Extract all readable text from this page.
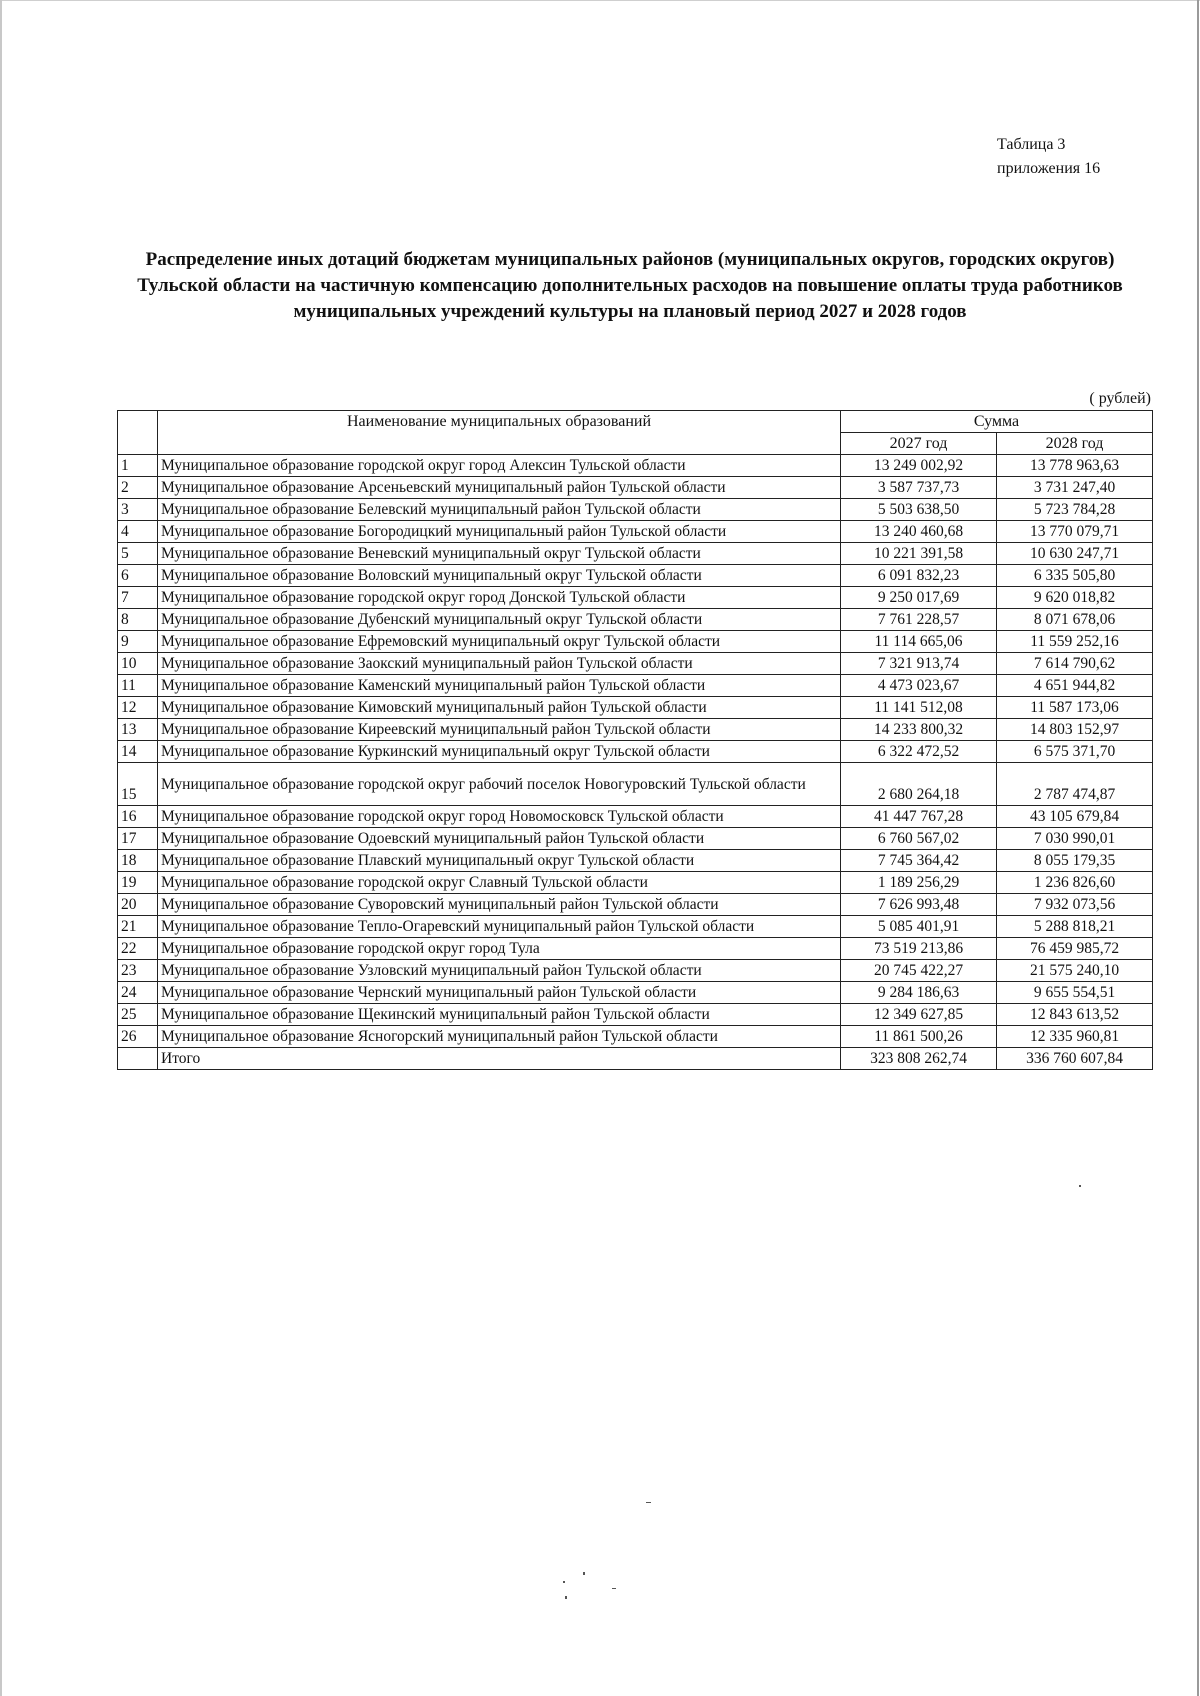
Таблица 3
приложения 16
Распределение иных дотаций бюджетам муниципальных районов (муниципальных округов, городских округов)
Тульской области на частичную компенсацию дополнительных расходов на повышение оплаты труда работников
муниципальных учреждений культуры на плановый период 2027 и 2028 годов
( рублей)
	Наименование муниципальных образований	Сумма	
		2027 год	2028 год
1	Муниципальное образование городской округ город Алексин Тульской области	13 249 002,92	13 778 963,63
2	Муниципальное образование Арсеньевский муниципальный район Тульской области	3 587 737,73	3 731 247,40
3	Муниципальное образование Белевский муниципальный район Тульской области	5 503 638,50	5 723 784,28
4	Муниципальное образование Богородицкий муниципальный район Тульской области	13 240 460,68	13 770 079,71
5	Муниципальное образование Веневский муниципальный округ Тульской области	10 221 391,58	10 630 247,71
6	Муниципальное образование Воловский муниципальный округ Тульской области	6 091 832,23	6 335 505,80
7	Муниципальное образование городской округ город Донской Тульской области	9 250 017,69	9 620 018,82
8	Муниципальное образование Дубенский муниципальный округ Тульской области	7 761 228,57	8 071 678,06
9	Муниципальное образование Ефремовский муниципальный округ Тульской области	11 114 665,06	11 559 252,16
10	Муниципальное образование Заокский муниципальный район Тульской области	7 321 913,74	7 614 790,62
11	Муниципальное образование Каменский муниципальный район Тульской области	4 473 023,67	4 651 944,82
12	Муниципальное образование Кимовский муниципальный район Тульской области	11 141 512,08	11 587 173,06
13	Муниципальное образование Киреевский муниципальный район Тульской области	14 233 800,32	14 803 152,97
14	Муниципальное образование Куркинский муниципальный округ Тульской области	6 322 472,52	6 575 371,70
15	Муниципальное образование городской округ рабочий поселок Новогуровский Тульской области	2 680 264,18	2 787 474,87
16	Муниципальное образование городской округ город Новомосковск Тульской области	41 447 767,28	43 105 679,84
17	Муниципальное образование Одоевский муниципальный район Тульской области	6 760 567,02	7 030 990,01
18	Муниципальное образование Плавский муниципальный округ Тульской области	7 745 364,42	8 055 179,35
19	Муниципальное образование городской округ Славный Тульской области	1 189 256,29	1 236 826,60
20	Муниципальное образование Суворовский муниципальный район Тульской области	7 626 993,48	7 932 073,56
21	Муниципальное образование Тепло-Огаревский муниципальный район Тульской области	5 085 401,91	5 288 818,21
22	Муниципальное образование городской округ город Тула	73 519 213,86	76 459 985,72
23	Муниципальное образование Узловский муниципальный район Тульской области	20 745 422,27	21 575 240,10
24	Муниципальное образование Чернский муниципальный район Тульской области	9 284 186,63	9 655 554,51
25	Муниципальное образование Щекинский муниципальный район Тульской области	12 349 627,85	12 843 613,52
26	Муниципальное образование Ясногорский муниципальный район Тульской области	11 861 500,26	12 335 960,81
	Итого	323 808 262,74	336 760 607,84
